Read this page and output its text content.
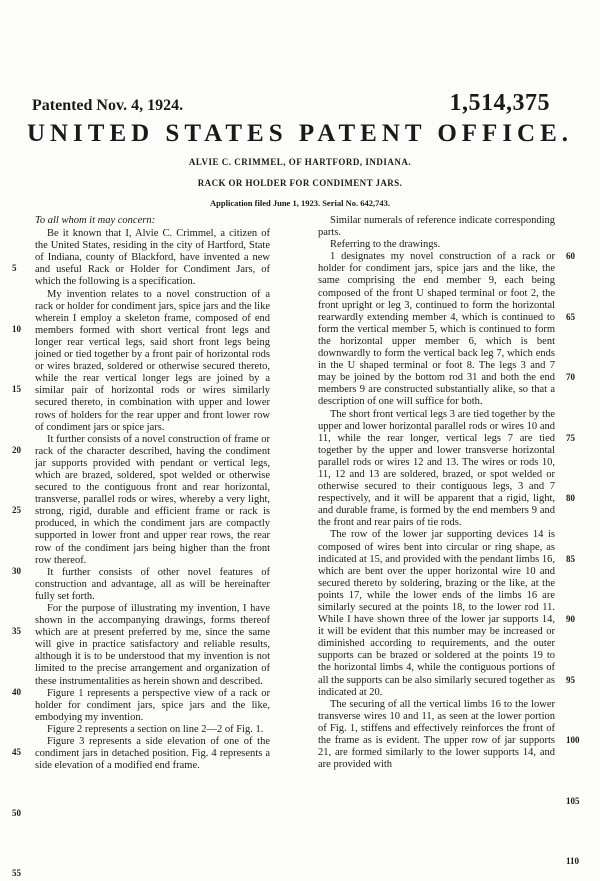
Patented Nov. 4, 1924.	1,514,375
UNITED STATES PATENT OFFICE.
ALVIE C. CRIMMEL, OF HARTFORD, INDIANA.
RACK OR HOLDER FOR CONDIMENT JARS.
Application filed June 1, 1923. Serial No. 642,743.

To all whom it may concern:

Be it known that I, Alvie C. Crimmel, a citizen of the United States, residing in the city of Hartford, State of Indiana, county of Blackford, have invented a new and useful Rack or Holder for Condiment Jars, of which the following is a specification.

My invention relates to a novel construction of a rack or holder for condiment jars, spice jars and the like wherein I employ a skeleton frame, composed of end members formed with short vertical front legs and longer rear vertical legs, said short front legs being joined or tied together by a front pair of horizontal rods or wires brazed, soldered or otherwise secured thereto, while the rear vertical longer legs are joined by a similar pair of horizontal rods or wires similarly secured thereto, in combination with upper and lower rows of holders for the rear upper and front lower row of condiment jars or spice jars.

It further consists of a novel construction of frame or rack of the character described, having the condiment jar supports provided with pendant or vertical legs, which are brazed, soldered, spot welded or otherwise secured to the contiguous front and rear horizontal, transverse, parallel rods or wires, whereby a very light, strong, rigid, durable and efficient frame or rack is produced, in which the condiment jars are compactly supported in lower front and upper rear rows, the rear row of the condiment jars being higher than the front row thereof.

It further consists of other novel features of construction and advantage, all as will be hereinafter fully set forth.

For the purpose of illustrating my invention, I have shown in the accompanying drawings, forms thereof which are at present preferred by me, since the same will give in practice satisfactory and reliable results, although it is to be understood that my invention is not limited to the precise arrangement and organization of these instrumentalities as herein shown and described.

Figure 1 represents a perspective view of a rack or holder for condiment jars, spice jars and the like, embodying my invention.

Figure 2 represents a section on line 2—2 of Fig. 1.

Figure 3 represents a side elevation of one of the condiment jars in detached position. Fig. 4 represents a side elevation of a modified end frame.

Similar numerals of reference indicate corresponding parts.

Referring to the drawings.

1 designates my novel construction of a rack or holder for condiment jars, spice jars and the like, the same comprising the end member 9, each being composed of the front U shaped terminal or foot 2, the front upright or leg 3, continued to form the horizontal rearwardly extending member 4, which is continued to form the vertical member 5, which is continued to form the horizontal upper member 6, which is bent downwardly to form the vertical back leg 7, which ends in the U shaped terminal or foot 8. The legs 3 and 7 may be joined by the bottom rod 31 and both the end members 9 are constructed substantially alike, so that a description of one will suffice for both.

The short front vertical legs 3 are tied together by the upper and lower horizontal parallel rods or wires 10 and 11, while the rear longer, vertical legs 7 are tied together by the upper and lower transverse horizontal parallel rods or wires 12 and 13. The wires or rods 10, 11, 12 and 13 are soldered, brazed, or spot welded or otherwise secured to their contiguous legs, 3 and 7 respectively, and it will be apparent that a rigid, light, and durable frame, is formed by the end members 9 and the front and rear pairs of tie rods.

The row of the lower jar supporting devices 14 is composed of wires bent into circular or ring shape, as indicated at 15, and provided with the pendant limbs 16, which are bent over the upper horizontal wire 10 and secured thereto by soldering, brazing or the like, at the points 17, while the lower ends of the limbs 16 are similarly secured at the points 18, to the lower rod 11. While I have shown three of the lower jar supports 14, it will be evident that this number may be increased or diminished according to requirements, and the outer supports can be brazed or soldered at the points 19 to the horizontal limbs 4, while the contiguous portions of all the supports can be also similarly secured together as indicated at 20.

The securing of all the vertical limbs 16 to the lower transverse wires 10 and 11, as seen at the lower portion of Fig. 1, stiffens and effectively reinforces the front of the frame as is evident. The upper row of jar supports 21, are formed similarly to the lower supports 14, and are provided with

5
10
15
20
25
30
35
40
45
50
55
60
65
70
75
80
85
90
95
100
105
110
